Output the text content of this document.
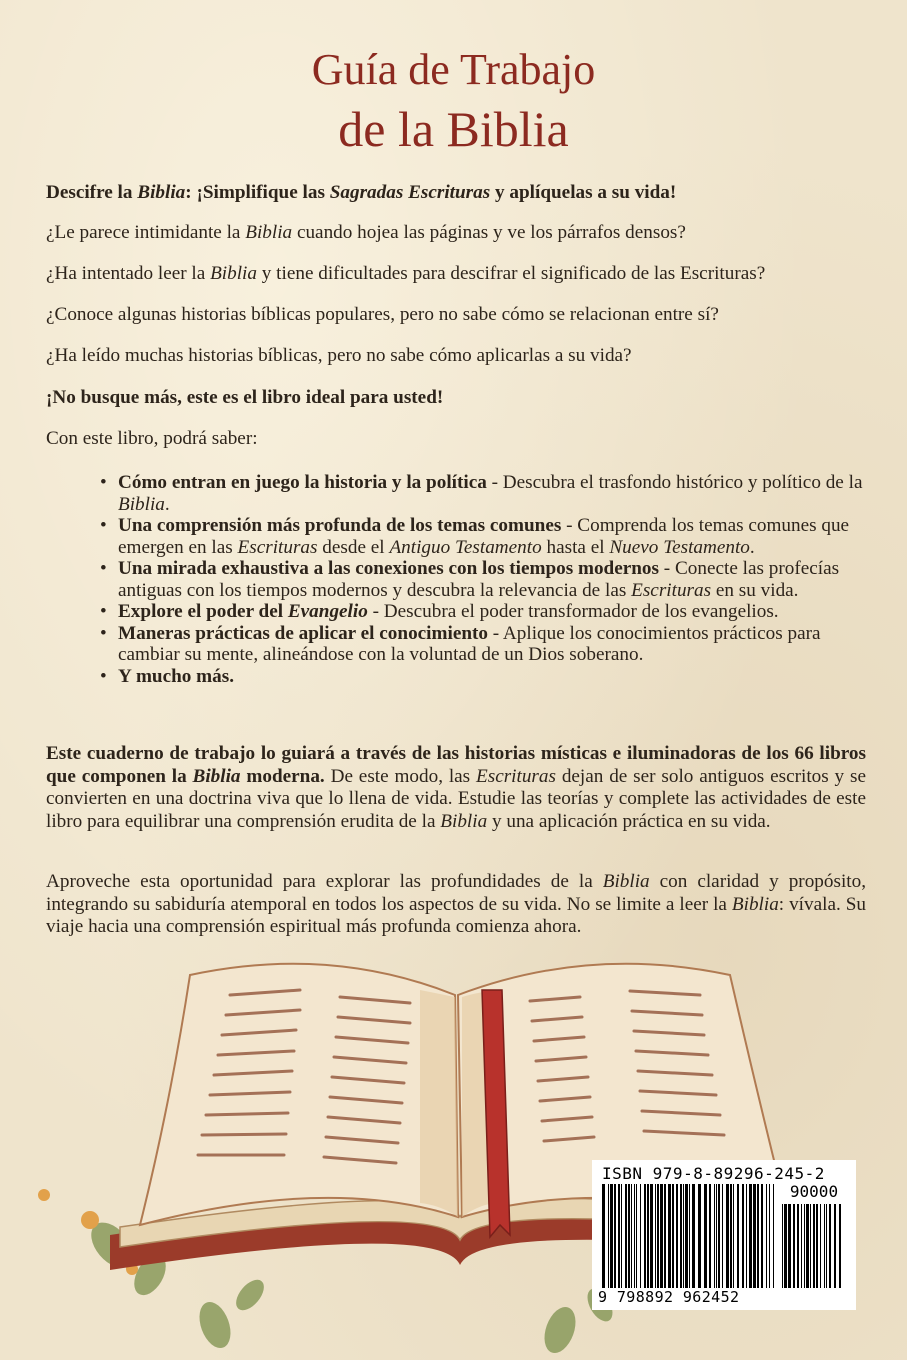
Guía de Trabajo
de la Biblia
Descifre la Biblia: ¡Simplifique las Sagradas Escrituras y aplíquelas a su vida!
¿Le parece intimidante la Biblia cuando hojea las páginas y ve los párrafos densos?
¿Ha intentado leer la Biblia y tiene dificultades para descifrar el significado de las Escrituras?
¿Conoce algunas historias bíblicas populares, pero no sabe cómo se relacionan entre sí?
¿Ha leído muchas historias bíblicas, pero no sabe cómo aplicarlas a su vida?
¡No busque más, este es el libro ideal para usted!
Con este libro, podrá saber:
• Cómo entran en juego la historia y la política - Descubra el trasfondo histórico y político de la Biblia.
• Una comprensión más profunda de los temas comunes - Comprenda los temas comunes que emergen en las Escrituras desde el Antiguo Testamento hasta el Nuevo Testamento.
• Una mirada exhaustiva a las conexiones con los tiempos modernos - Conecte las profecías antiguas con los tiempos modernos y descubra la relevancia de las Escrituras en su vida.
• Explore el poder del Evangelio - Descubra el poder transformador de los evangelios.
• Maneras prácticas de aplicar el conocimiento - Aplique los conocimientos prácticos para cambiar su mente, alineándose con la voluntad de un Dios soberano.
• Y mucho más.
Este cuaderno de trabajo lo guiará a través de las historias místicas e iluminadoras de los 66 libros que componen la Biblia moderna. De este modo, las Escrituras dejan de ser solo antiguos escritos y se convierten en una doctrina viva que lo llena de vida. Estudie las teorías y complete las actividades de este libro para equilibrar una comprensión erudita de la Biblia y una aplicación práctica en su vida.
Aproveche esta oportunidad para explorar las profundidades de la Biblia con claridad y propósito, integrando su sabiduría atemporal en todos los aspectos de su vida. No se limite a leer la Biblia: vívala. Su viaje hacia una comprensión espiritual más profunda comienza ahora.
ISBN 979-8-89296-245-2
90000
9 798892 962452
